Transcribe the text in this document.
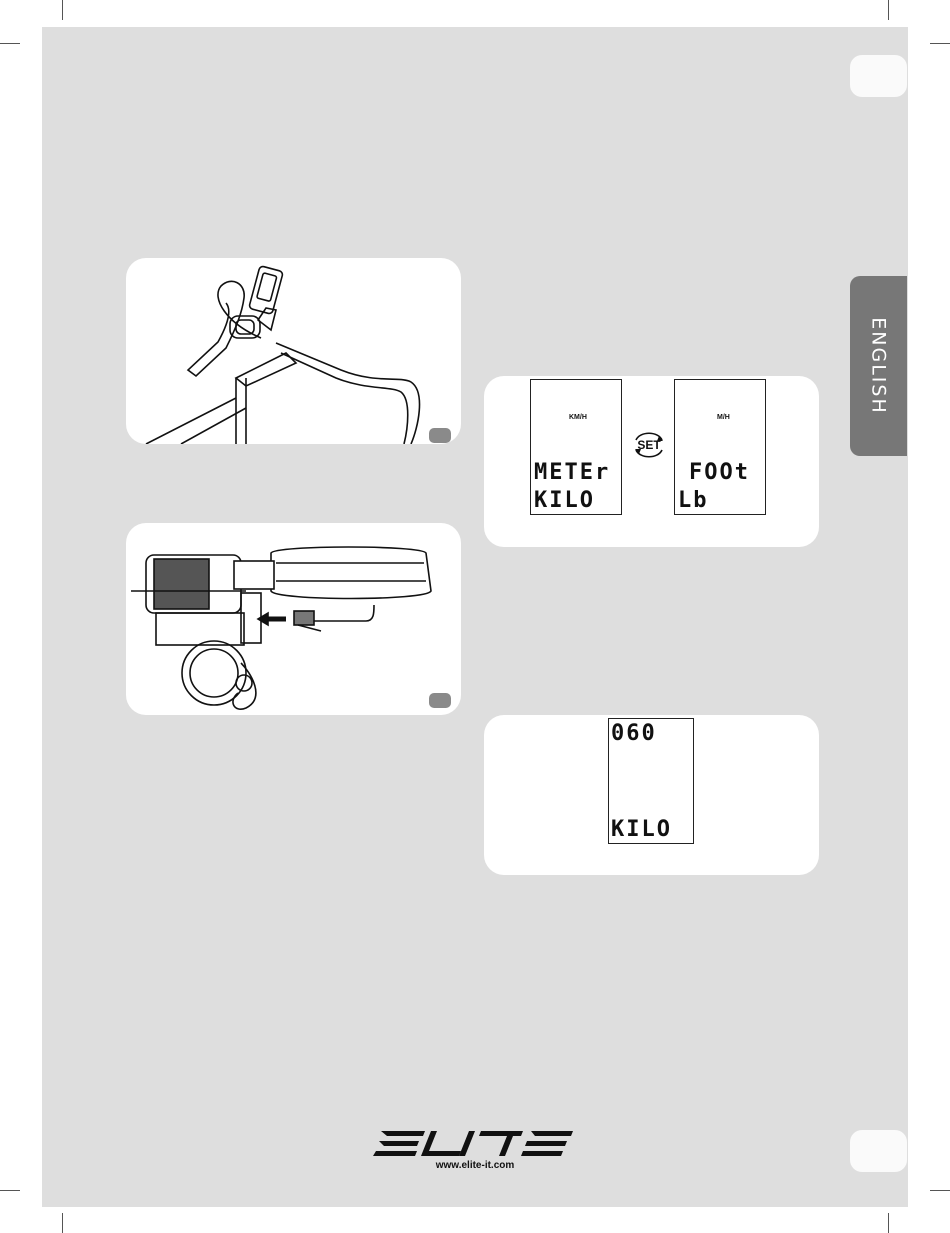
ENGLISH
KM/H
METEr
KILO
SET
M/H
FOOt
Lb
060
KILO
www.elite-it.com
